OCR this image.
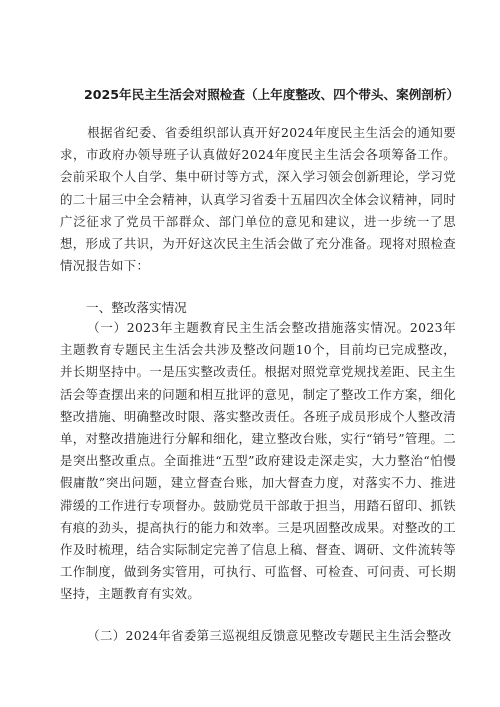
2025年民主生活会对照检查（上年度整改、四个带头、案例剖析）
根据省纪委、省委组织部认真开好2024年度民主生活会的通知要求，市政府办领导班子认真做好2024年度民主生活会各项筹备工作。会前采取个人自学、集中研讨等方式，深入学习领会创新理论，学习党的二十届三中全会精神，认真学习省委十五届四次全体会议精神，同时广泛征求了党员干部群众、部门单位的意见和建议，进一步统一了思想，形成了共识，为开好这次民主生活会做了充分准备。现将对照检查情况报告如下：
一、整改落实情况
（一）2023年主题教育民主生活会整改措施落实情况。2023年主题教育专题民主生活会共涉及整改问题10个，目前均已完成整改，并长期坚持中。一是压实整改责任。根据对照党章党规找差距、民主生活会等查摆出来的问题和相互批评的意见，制定了整改工作方案，细化整改措施、明确整改时限、落实整改责任。各班子成员形成个人整改清单，对整改措施进行分解和细化，建立整改台账，实行“销号”管理。二是突出整改重点。全面推进“五型”政府建设走深走实，大力整治“怕慢假庸散”突出问题，建立督查台账，加大督查力度，对落实不力、推进滞缓的工作进行专项督办。鼓励党员干部敢于担当，用踏石留印、抓铁有痕的劲头，提高执行的能力和效率。三是巩固整改成果。对整改的工作及时梳理，结合实际制定完善了信息上稿、督查、调研、文件流转等工作制度，做到务实管用，可执行、可监督、可检查、可问责、可长期坚持，主题教育有实效。
（二）2024年省委第三巡视组反馈意见整改专题民主生活会整改
